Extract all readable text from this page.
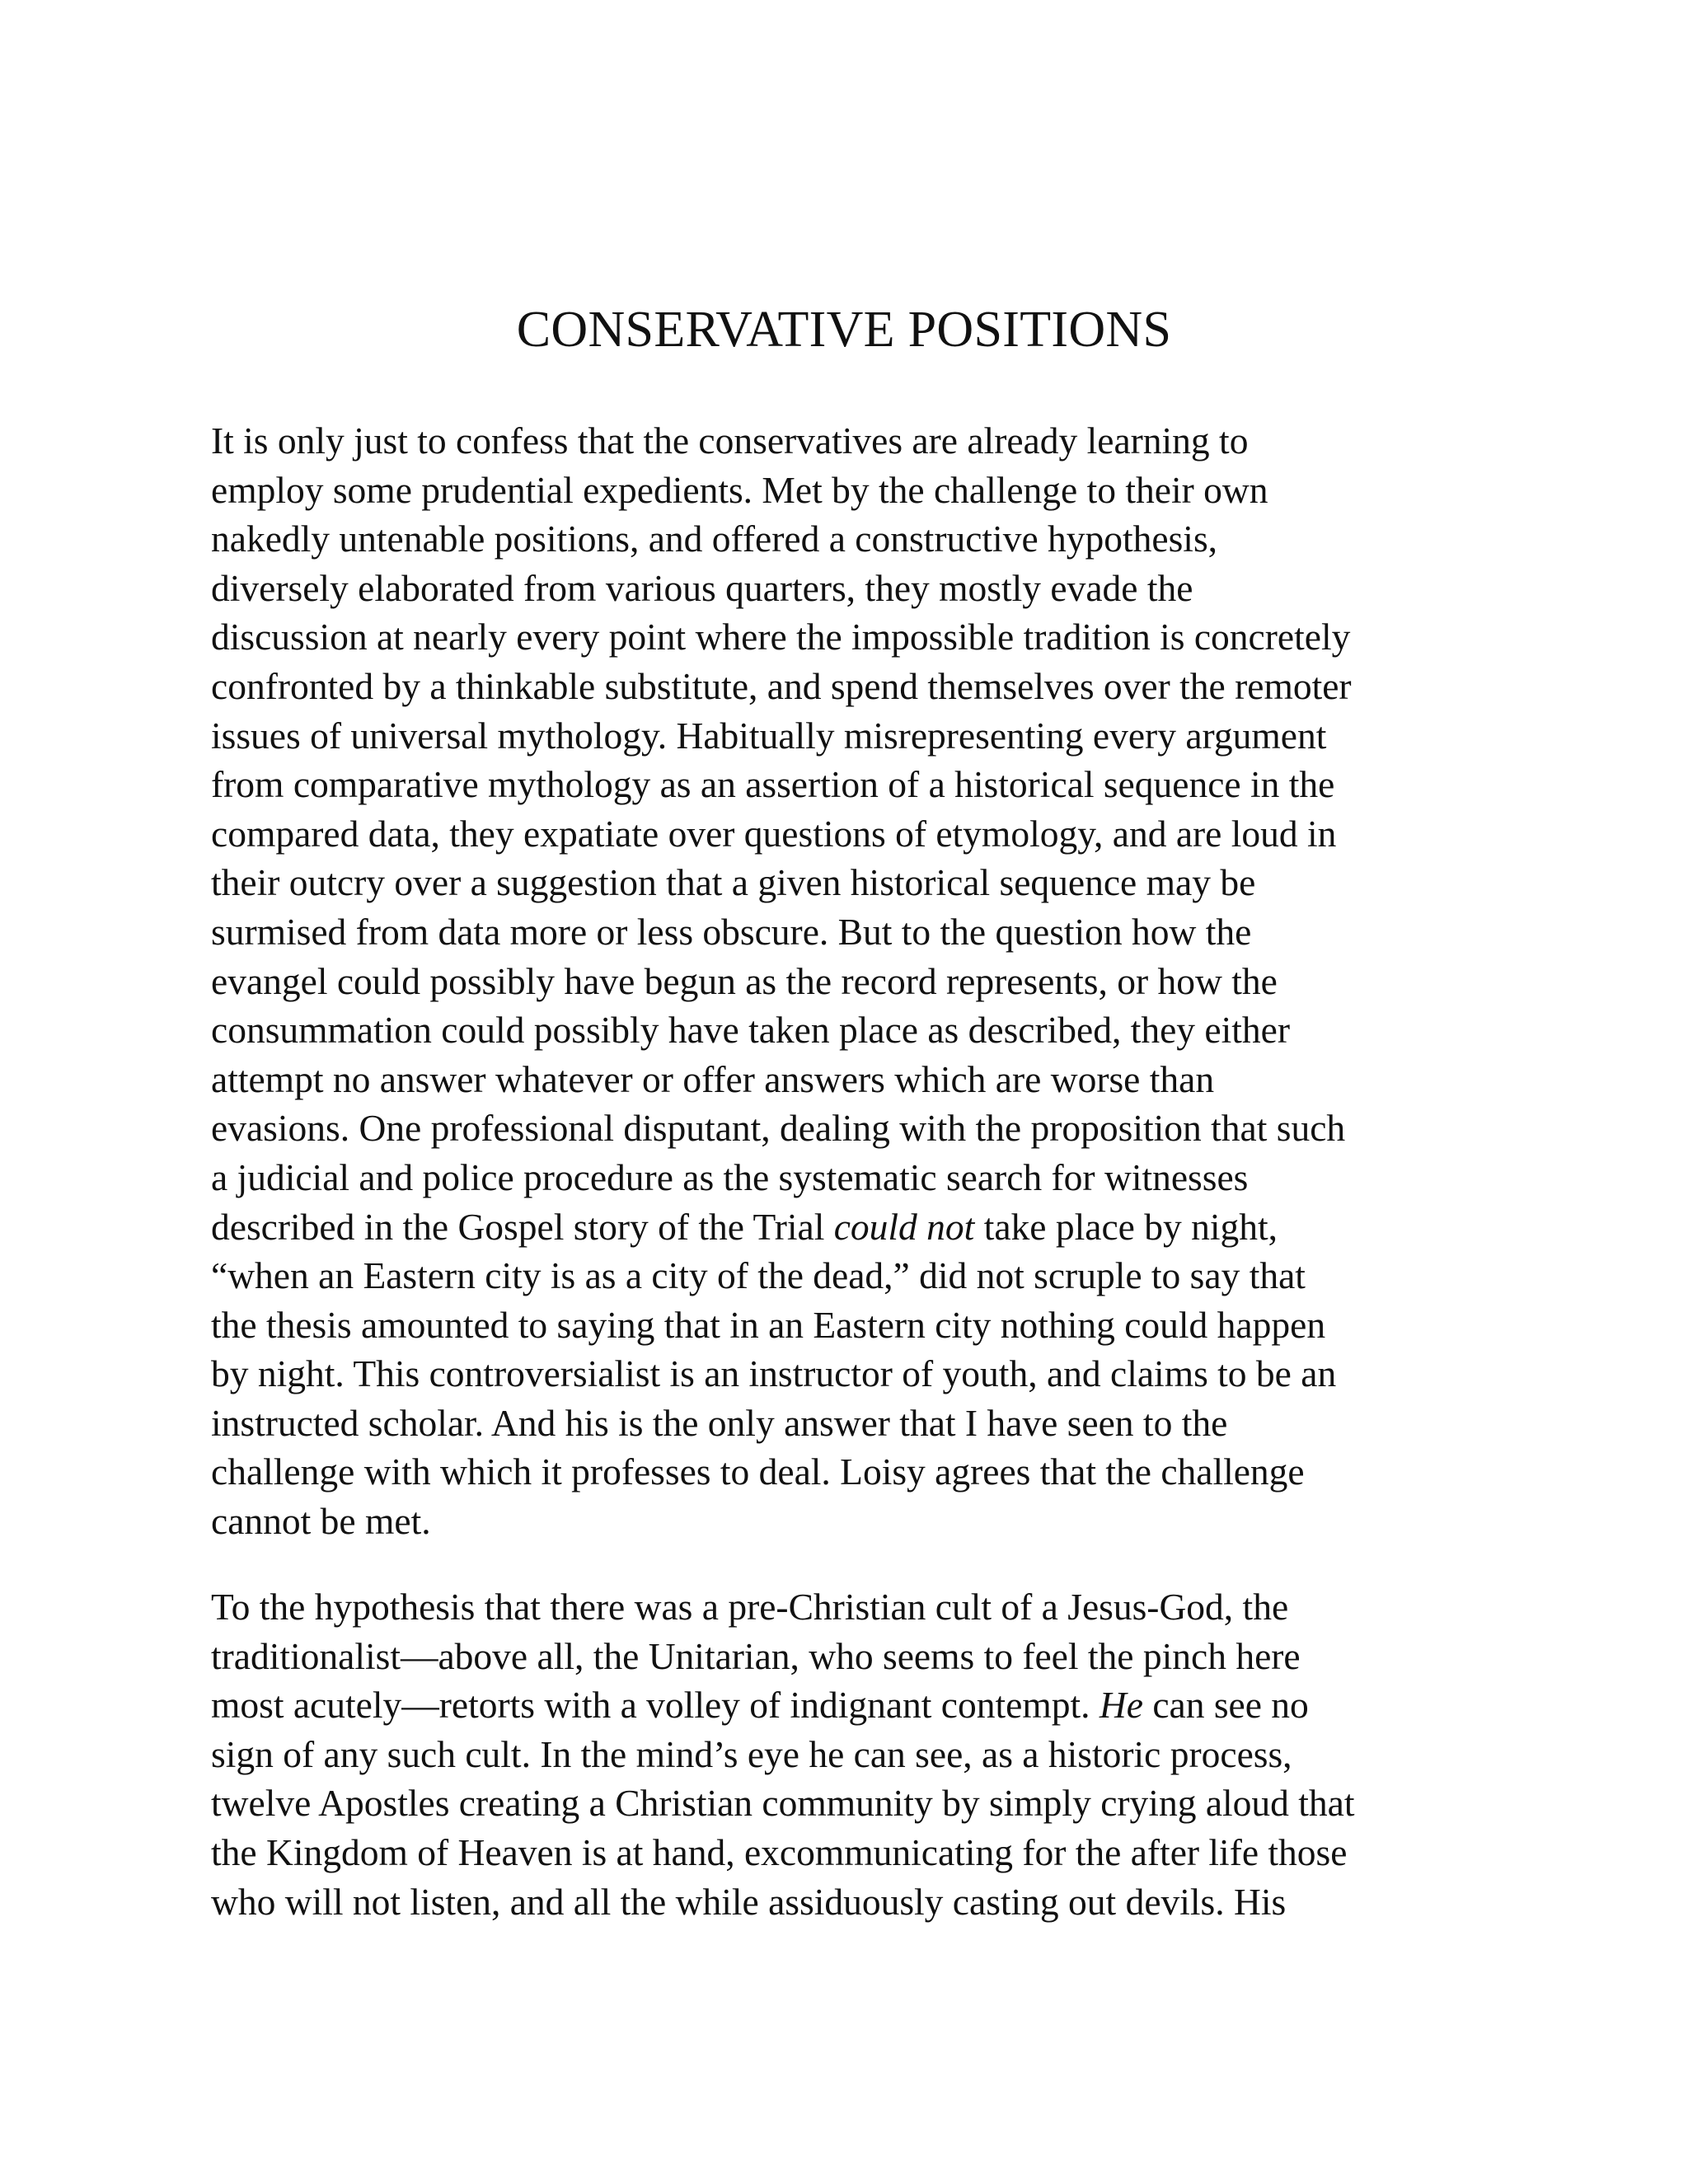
CONSERVATIVE POSITIONS
It is only just to confess that the conservatives are already learning to
employ some prudential expedients. Met by the challenge to their own
nakedly untenable positions, and offered a constructive hypothesis,
diversely elaborated from various quarters, they mostly evade the
discussion at nearly every point where the impossible tradition is concretely
confronted by a thinkable substitute, and spend themselves over the remoter
issues of universal mythology. Habitually misrepresenting every argument
from comparative mythology as an assertion of a historical sequence in the
compared data, they expatiate over questions of etymology, and are loud in
their outcry over a suggestion that a given historical sequence may be
surmised from data more or less obscure. But to the question how the
evangel could possibly have begun as the record represents, or how the
consummation could possibly have taken place as described, they either
attempt no answer whatever or offer answers which are worse than
evasions. One professional disputant, dealing with the proposition that such
a judicial and police procedure as the systematic search for witnesses
described in the Gospel story of the Trial could not take place by night,
“when an Eastern city is as a city of the dead,” did not scruple to say that
the thesis amounted to saying that in an Eastern city nothing could happen
by night. This controversialist is an instructor of youth, and claims to be an
instructed scholar. And his is the only answer that I have seen to the
challenge with which it professes to deal. Loisy agrees that the challenge
cannot be met.
To the hypothesis that there was a pre-Christian cult of a Jesus-God, the
traditionalist—above all, the Unitarian, who seems to feel the pinch here
most acutely—retorts with a volley of indignant contempt. He can see no
sign of any such cult. In the mind’s eye he can see, as a historic process,
twelve Apostles creating a Christian community by simply crying aloud that
the Kingdom of Heaven is at hand, excommunicating for the after life those
who will not listen, and all the while assiduously casting out devils. His
